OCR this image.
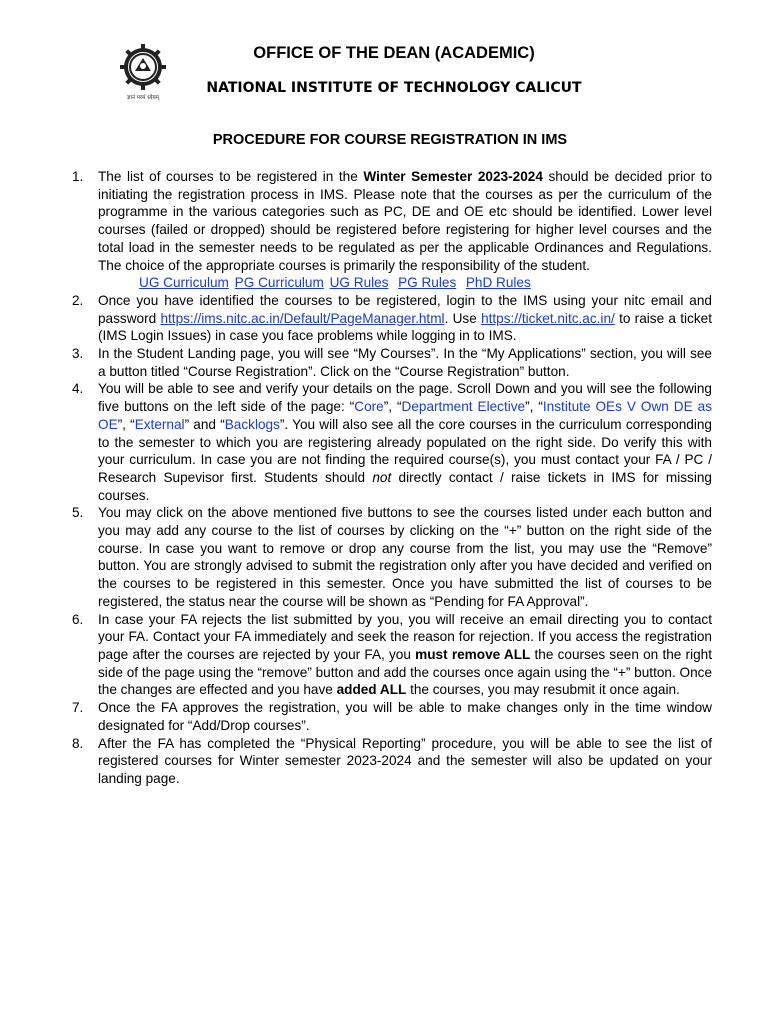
ज्ञानं परमं ध्येयम्
OFFICE OF THE DEAN (ACADEMIC)
NATIONAL INSTITUTE OF TECHNOLOGY CALICUT
PROCEDURE FOR COURSE REGISTRATION IN IMS
1. The list of courses to be registered in the Winter Semester 2023-2024 should be decided prior to initiating the registration process in IMS. Please note that the courses as per the curriculum of the programme in the various categories such as PC, DE and OE etc should be identified. Lower level courses (failed or dropped) should be registered before registering for higher level courses and the total load in the semester needs to be regulated as per the applicable Ordinances and Regulations. The choice of the appropriate courses is primarily the responsibility of the student.
UG Curriculum PG Curriculum UG Rules PG Rules PhD Rules
2. Once you have identified the courses to be registered, login to the IMS using your nitc email and password https://ims.nitc.ac.in/Default/PageManager.html. Use https://ticket.nitc.ac.in/ to raise a ticket (IMS Login Issues) in case you face problems while logging in to IMS.
3. In the Student Landing page, you will see “My Courses”. In the “My Applications” section, you will see a button titled “Course Registration”. Click on the “Course Registration” button.
4. You will be able to see and verify your details on the page. Scroll Down and you will see the following five buttons on the left side of the page: “Core”, “Department Elective”, “Institute OEs V Own DE as OE”, “External” and “Backlogs”. You will also see all the core courses in the curriculum corresponding to the semester to which you are registering already populated on the right side. Do verify this with your curriculum. In case you are not finding the required course(s), you must contact your FA / PC / Research Supevisor first. Students should not directly contact / raise tickets in IMS for missing courses.
5. You may click on the above mentioned five buttons to see the courses listed under each button and you may add any course to the list of courses by clicking on the “+” button on the right side of the course. In case you want to remove or drop any course from the list, you may use the “Remove” button. You are strongly advised to submit the registration only after you have decided and verified on the courses to be registered in this semester. Once you have submitted the list of courses to be registered, the status near the course will be shown as “Pending for FA Approval”.
6. In case your FA rejects the list submitted by you, you will receive an email directing you to contact your FA. Contact your FA immediately and seek the reason for rejection. If you access the registration page after the courses are rejected by your FA, you must remove ALL the courses seen on the right side of the page using the “remove” button and add the courses once again using the “+” button. Once the changes are effected and you have added ALL the courses, you may resubmit it once again.
7. Once the FA approves the registration, you will be able to make changes only in the time window designated for “Add/Drop courses”.
8. After the FA has completed the “Physical Reporting” procedure, you will be able to see the list of registered courses for Winter semester 2023-2024 and the semester will also be updated on your landing page.
